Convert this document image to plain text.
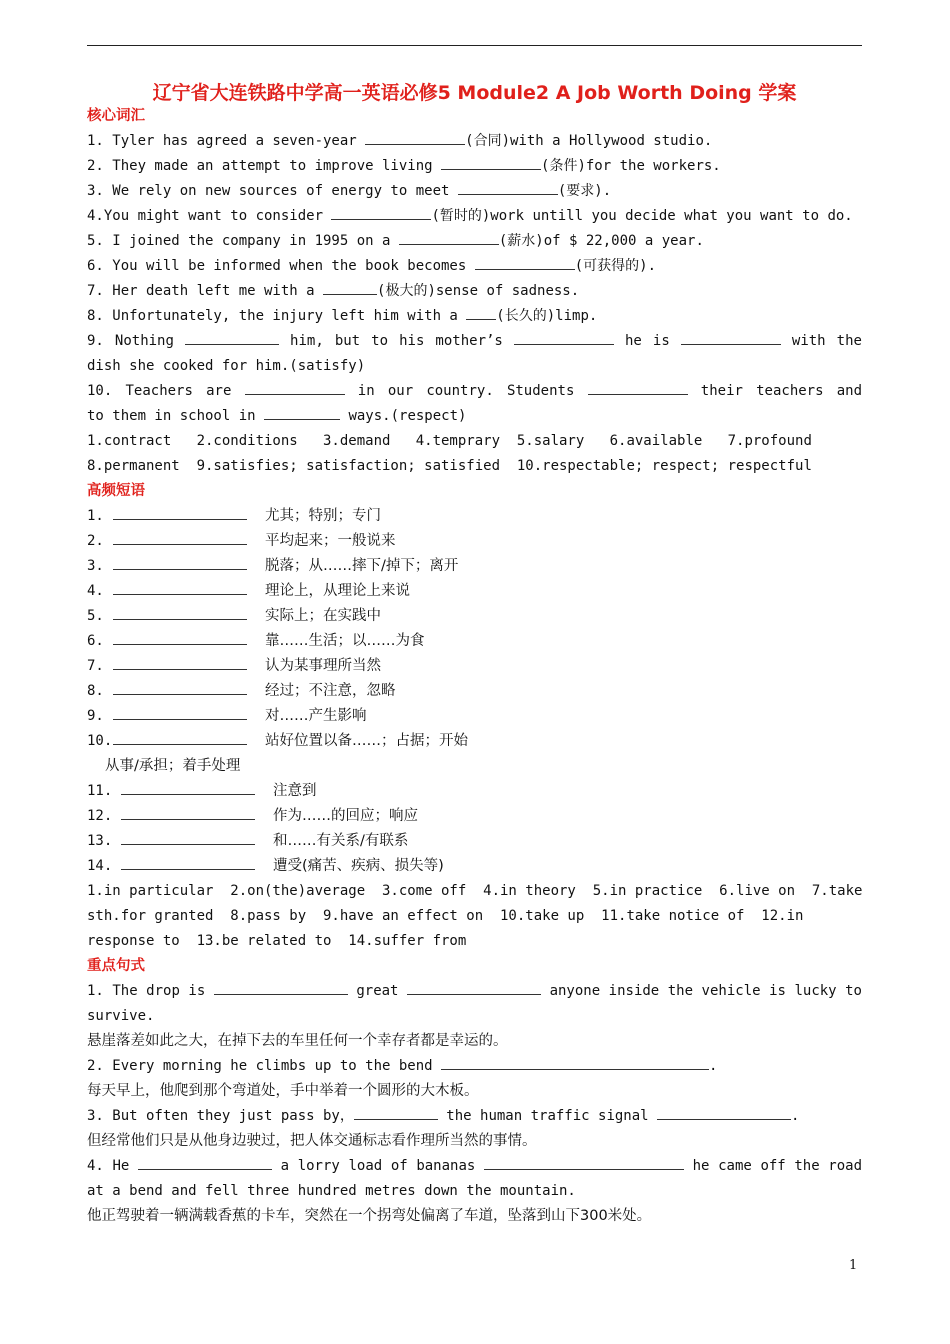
辽宁省大连铁路中学高一英语必修5 Module2 A Job Worth Doing 学案
核心词汇
1. Tyler has agreed a seven-year	(合同)with a Hollywood studio.
2. They made an attempt to improve living	(条件)for the workers.
3. We rely on new sources of energy to meet	(要求).
4.You might want to consider	(暂时的)work untill you decide what you want to do.
5. I joined the company in 1995 on a	(薪水)of $ 22,000 a year.
6. You will be informed when the book becomes	(可获得的).
7. Her death left me with a	(极大的)sense of sadness.
8. Unfortunately, the injury left him with a (长久的)limp.
9. Nothing	him, but to his mother’s	he is	with the
dish she cooked for him.(satisfy)
10. Teachers are	in our country. Students	their teachers and
to them in school in	ways.(respect)
1.contract   2.conditions   3.demand   4.temprary  5.salary   6.available   7.profound
8.permanent  9.satisfies; satisfaction; satisfied  10.respectable; respect; respectful
高频短语
1.	尤其；特别；专门
2.	平均起来；一般说来
3.	脱落；从……摔下/掉下；离开
4.	理论上，从理论上来说
5.	实际上；在实践中
6.	靠……生活；以……为食
7.	认为某事理所当然
8.	经过；不注意，忽略
9.	对……产生影响
10.	站好位置以备……；占据；开始
从事/承担；着手处理
11.	注意到
12.	作为……的回应；响应
13.	和……有关系/有联系
14.	遭受(痛苦、疾病、损失等)
1.in particular  2.on(the)average  3.come off  4.in theory  5.in practice  6.live on  7.take
sth.for granted  8.pass by  9.have an effect on  10.take up  11.take notice of  12.in
response to  13.be related to  14.suffer from
重点句式
1. The drop is	great	anyone inside the vehicle is lucky to
survive.
悬崖落差如此之大，在掉下去的车里任何一个幸存者都是幸运的。
2. Every morning he climbs up to the bend	.
每天早上，他爬到那个弯道处，手中举着一个圆形的大木板。
3. But often they just pass by，	the human traffic signal	.
但经常他们只是从他身边驶过，把人体交通标志看作理所当然的事情。
4. He	a lorry load of bananas	he came off the road
at a bend and fell three hundred metres down the mountain.
他正驾驶着一辆满载香蕉的卡车，突然在一个拐弯处偏离了车道，坠落到山下300米处。
1
